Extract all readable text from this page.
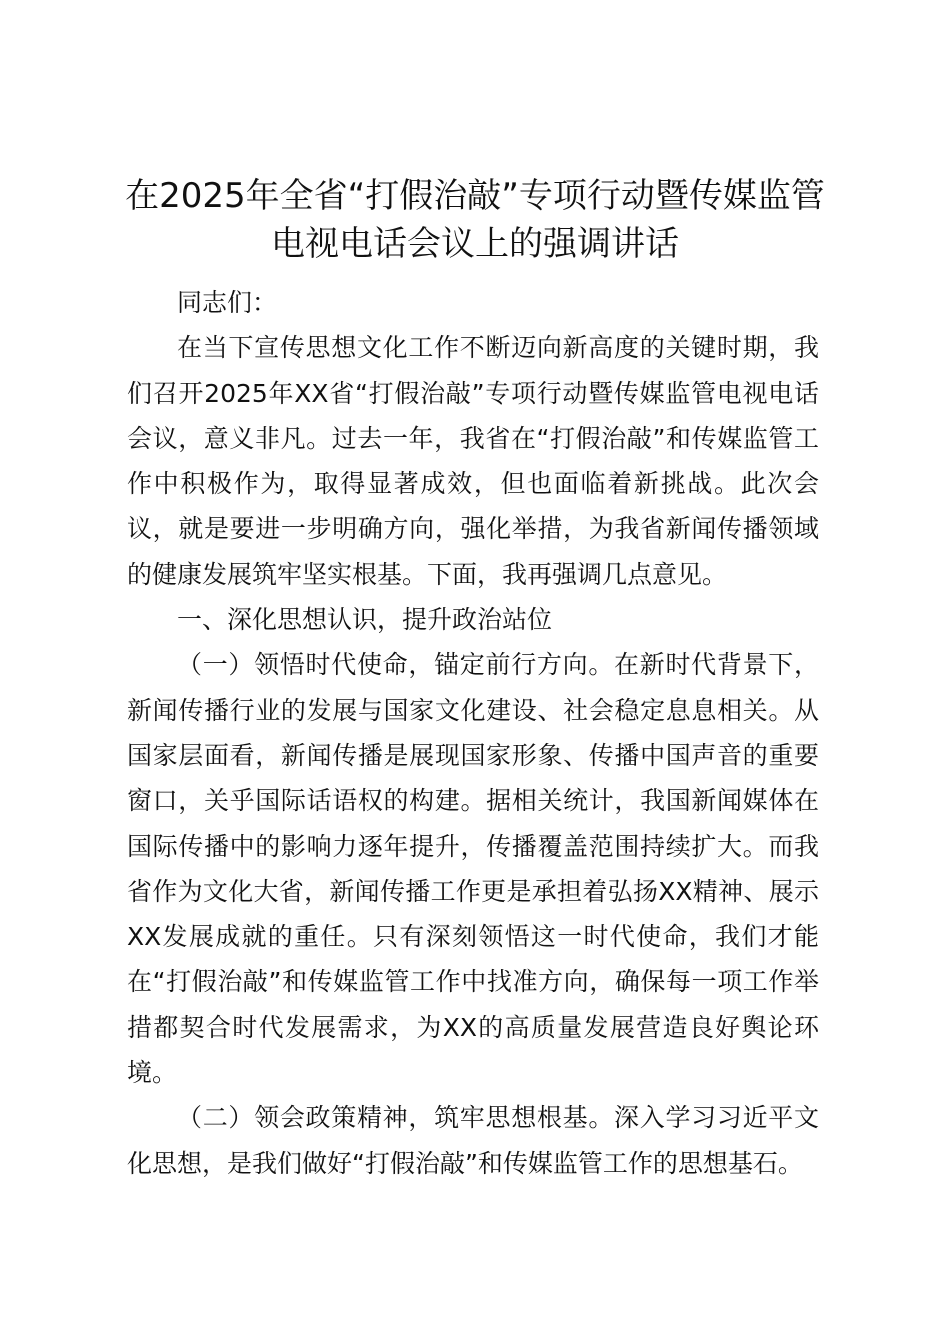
在2025年全省“打假治敲”专项行动暨传媒监管电视电话会议上的强调讲话

同志们：

在当下宣传思想文化工作不断迈向新高度的关键时期，我们召开2025年XX省“打假治敲”专项行动暨传媒监管电视电话会议，意义非凡。过去一年，我省在“打假治敲”和传媒监管工作中积极作为，取得显著成效，但也面临着新挑战。此次会议，就是要进一步明确方向，强化举措，为我省新闻传播领域的健康发展筑牢坚实根基。下面，我再强调几点意见。

一、深化思想认识，提升政治站位

（一）领悟时代使命，锚定前行方向。在新时代背景下，新闻传播行业的发展与国家文化建设、社会稳定息息相关。从国家层面看，新闻传播是展现国家形象、传播中国声音的重要窗口，关乎国际话语权的构建。据相关统计，我国新闻媒体在国际传播中的影响力逐年提升，传播覆盖范围持续扩大。而我省作为文化大省，新闻传播工作更是承担着弘扬XX精神、展示XX发展成就的重任。只有深刻领悟这一时代使命，我们才能在“打假治敲”和传媒监管工作中找准方向，确保每一项工作举措都契合时代发展需求，为XX的高质量发展营造良好舆论环境。

（二）领会政策精神，筑牢思想根基。深入学习习近平文化思想，是我们做好“打假治敲”和传媒监管工作的思想基石。
